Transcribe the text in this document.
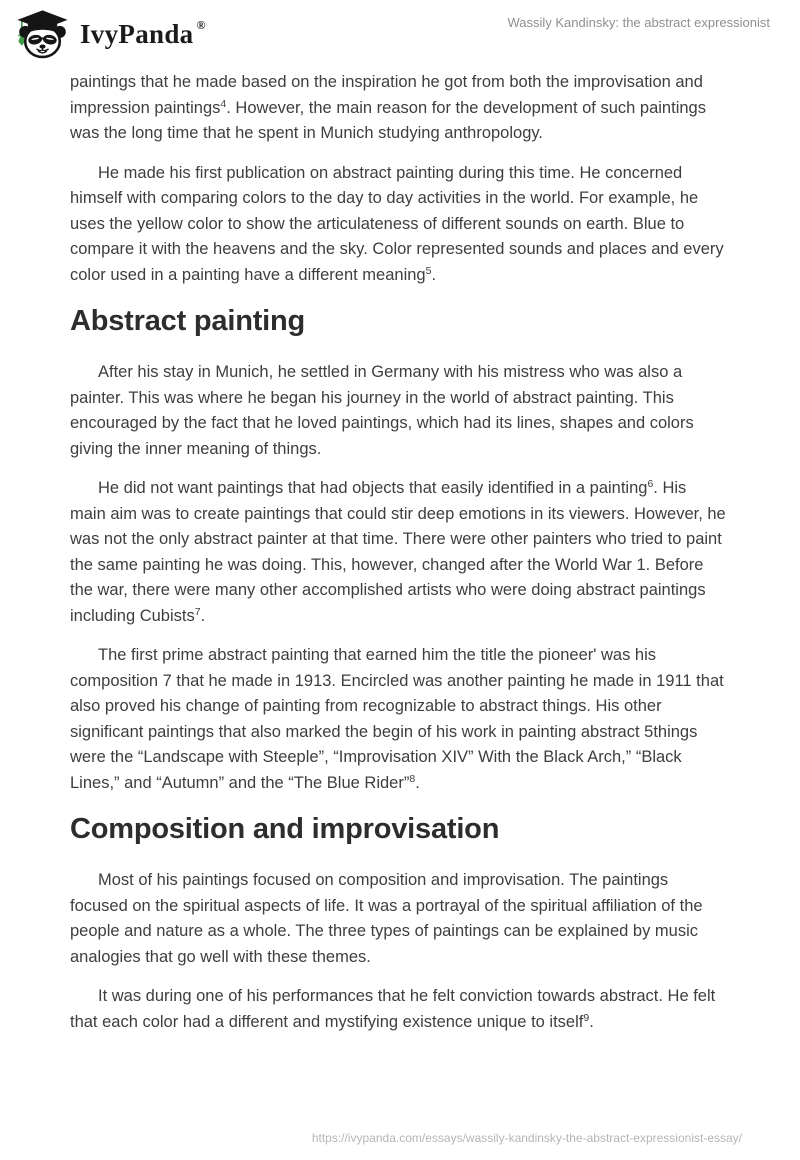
IvyPanda ®	Wassily Kandinsky: the abstract expressionist

paintings that he made based on the inspiration he got from both the improvisation and impression paintings$^4$. However, the main reason for the development of such paintings was the long time that he spent in Munich studying anthropology.

He made his first publication on abstract painting during this time. He concerned himself with comparing colors to the day to day activities in the world. For example, he uses the yellow color to show the articulateness of different sounds on earth. Blue to compare it with the heavens and the sky. Color represented sounds and places and every color used in a painting have a different meaning$^5$.

Abstract painting

After his stay in Munich, he settled in Germany with his mistress who was also a painter. This was where he began his journey in the world of abstract painting. This encouraged by the fact that he loved paintings, which had its lines, shapes and colors giving the inner meaning of things.

He did not want paintings that had objects that easily identified in a painting$^6$. His main aim was to create paintings that could stir deep emotions in its viewers. However, he was not the only abstract painter at that time. There were other painters who tried to paint the same painting he was doing. This, however, changed after the World War 1. Before the war, there were many other accomplished artists who were doing abstract paintings including Cubists$^7$.

The first prime abstract painting that earned him the title the pioneer' was his composition 7 that he made in 1913. Encircled was another painting he made in 1911 that also proved his change of painting from recognizable to abstract things. His other significant paintings that also marked the begin of his work in painting abstract 5things were the “Landscape with Steeple”, “Improvisation XIV” With the Black Arch,” “Black Lines,” and “Autumn” and the “The Blue Rider”$^8$.

Composition and improvisation

Most of his paintings focused on composition and improvisation. The paintings focused on the spiritual aspects of life. It was a portrayal of the spiritual affiliation of the people and nature as a whole. The three types of paintings can be explained by music analogies that go well with these themes.

It was during one of his performances that he felt conviction towards abstract. He felt that each color had a different and mystifying existence unique to itself$^9$.

https://ivypanda.com/essays/wassily-kandinsky-the-abstract-expressionist-essay/
